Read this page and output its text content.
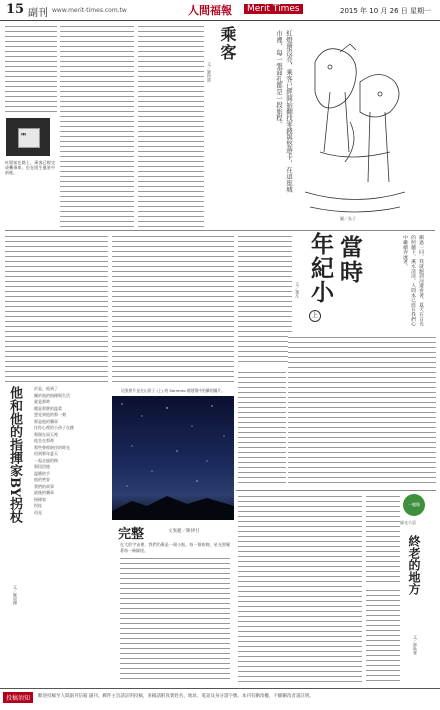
15 副刊 www.merit-times.com.tw	人間福報	Merit Times	2015 年 10 月 26 日 星期一
圖／朱子
紅燈還沒亮，乘客已經開始翻找零錢與悠遊卡，在這座城市裡，每一張面孔都是一段旅程。
乘客
文／劉梓潔
▮▮▮
紅燈前在路上，乘客已經完成轉乘車，也在陌生風景中前進。
當時
年紀小
上
文／箋凡	剛過一回，我就跑到河邊看著，夏天在日光的照耀下，溪水清涼。人間本已經在我們心中繼續奔流著。
他和他的指揮家BY拐杖
文／鄭晨樺
於是，他到了
關於他的指揮與生活
就是那時
總是那麼的溫柔
想見到他的那一刻
那是他的樂章
任你心裡的小孩子在跳
那個在雨天裡
他坐在那裡
那些曾經陪伴的時光
回到那年夏天
一起走過的路
那段回憶
溫暖的手
他的笑容
我們的故事
最後的樂章
指揮家
拐杖
再見
這張照片是在山景子 (上) 的 Sorrento 總建築中拍攝的圖片。
完整	文異麗／陳律甘
在大的宇宙裡，我們仍舊是一個小點。每一個夜晚，星光照耀著每一條歸途。
一縷陽
綠光小語
終老的地方
文／鄧秋華
投稿須知	歡迎投稿至人間副刊信箱 副刊，郵件主旨請註明投稿，來稿請附真實姓名、地址、電話及身分證字號。本刊有刪改權，不願刪改者請註明。
